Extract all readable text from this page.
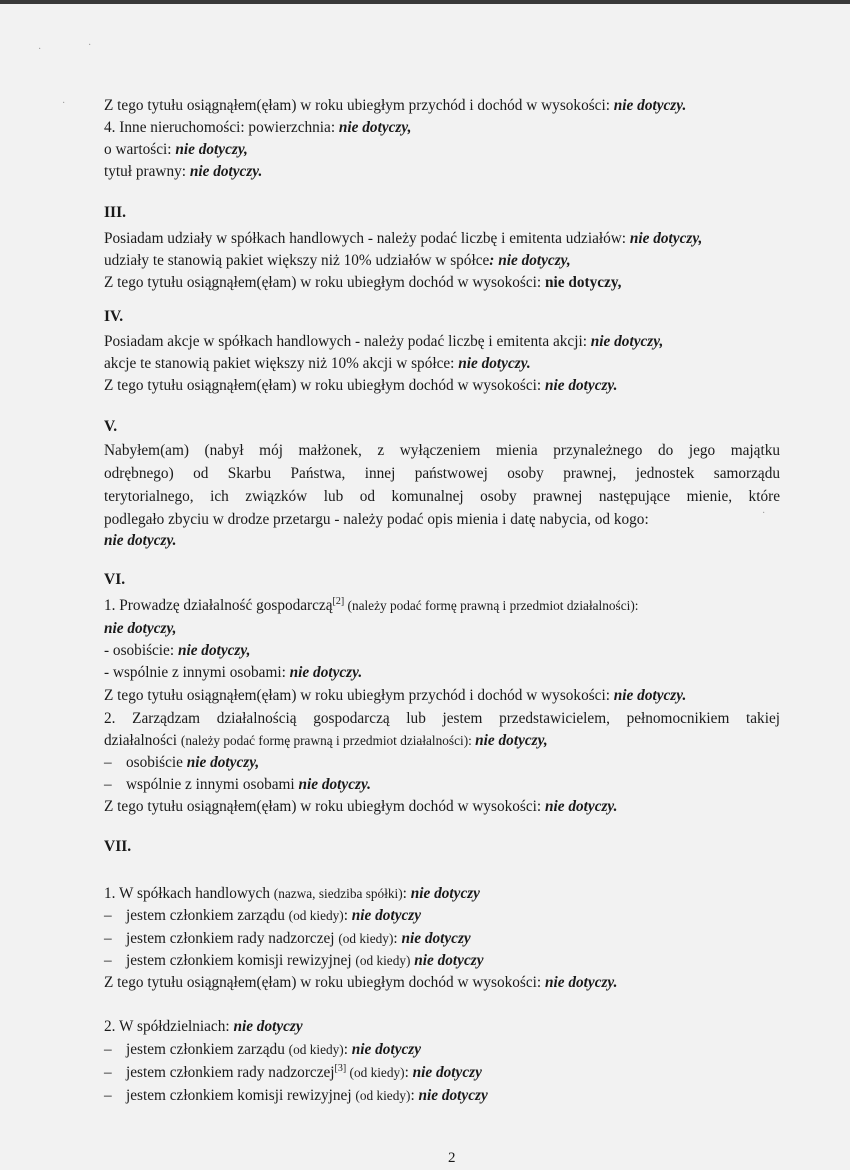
Z tego tytułu osiągnąłem(ęłam) w roku ubiegłym przychód i dochód w wysokości: nie dotyczy.
4. Inne nieruchomości: powierzchnia: nie dotyczy,
o wartości: nie dotyczy,
tytuł prawny: nie dotyczy.
III.
Posiadam udziały w spółkach handlowych - należy podać liczbę i emitenta udziałów: nie dotyczy,
udziały te stanowią pakiet większy niż 10% udziałów w spółce: nie dotyczy,
Z tego tytułu osiągnąłem(ęłam) w roku ubiegłym dochód w wysokości: nie dotyczy,
IV.
Posiadam akcje w spółkach handlowych - należy podać liczbę i emitenta akcji: nie dotyczy,
akcje te stanowią pakiet większy niż 10% akcji w spółce: nie dotyczy.
Z tego tytułu osiągnąłem(ęłam) w roku ubiegłym dochód w wysokości: nie dotyczy.
V.
Nabyłem(am) (nabył mój małżonek, z wyłączeniem mienia przynależnego do jego majątku
odrębnego) od Skarbu Państwa, innej państwowej osoby prawnej, jednostek samorządu
terytorialnego, ich związków lub od komunalnej osoby prawnej następujące mienie, które
podlegało zbyciu w drodze przetargu - należy podać opis mienia i datę nabycia, od kogo:
nie dotyczy.
VI.
1. Prowadzę działalność gospodarczą[2] (należy podać formę prawną i przedmiot działalności):
nie dotyczy,
- osobiście: nie dotyczy,
- wspólnie z innymi osobami: nie dotyczy.
Z tego tytułu osiągnąłem(ęłam) w roku ubiegłym przychód i dochód w wysokości: nie dotyczy.
2. Zarządzam działalnością gospodarczą lub jestem przedstawicielem, pełnomocnikiem takiej
działalności (należy podać formę prawną i przedmiot działalności): nie dotyczy,
– osobiście nie dotyczy,
– wspólnie z innymi osobami nie dotyczy.
Z tego tytułu osiągnąłem(ęłam) w roku ubiegłym dochód w wysokości: nie dotyczy.
VII.
1. W spółkach handlowych (nazwa, siedziba spółki): nie dotyczy
– jestem członkiem zarządu (od kiedy): nie dotyczy
– jestem członkiem rady nadzorczej (od kiedy): nie dotyczy
– jestem członkiem komisji rewizyjnej (od kiedy) nie dotyczy
Z tego tytułu osiągnąłem(ęłam) w roku ubiegłym dochód w wysokości: nie dotyczy.
2. W spółdzielniach: nie dotyczy
– jestem członkiem zarządu (od kiedy): nie dotyczy
– jestem członkiem rady nadzorczej[3] (od kiedy): nie dotyczy
– jestem członkiem komisji rewizyjnej (od kiedy): nie dotyczy
2
·	·
·
·
